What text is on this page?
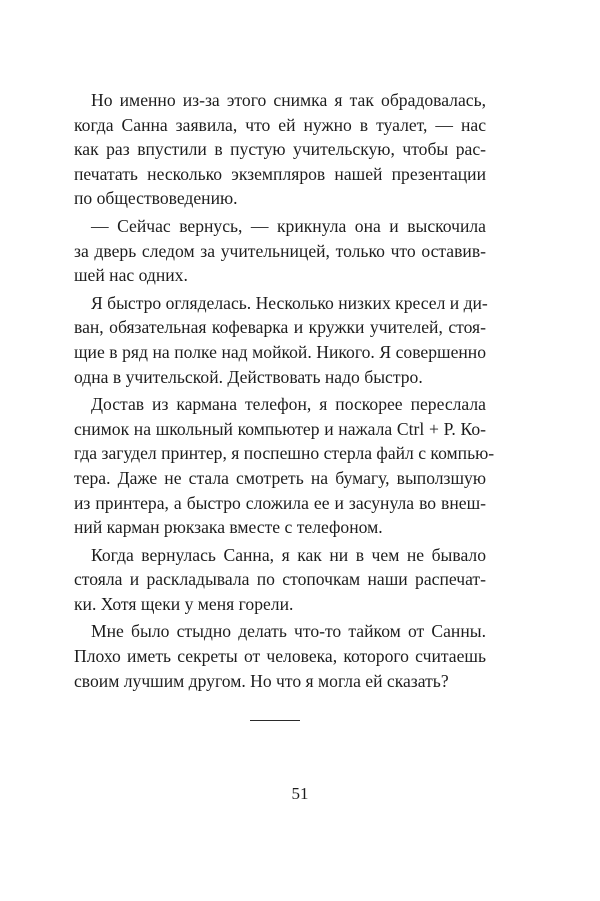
Но именно из-за этого снимка я так обрадовалась,
когда Санна заявила, что ей нужно в туалет, — нас
как раз впустили в пустую учительскую, чтобы рас-
печатать несколько экземпляров нашей презентации
по обществоведению.
— Сейчас вернусь, — крикнула она и выскочила
за дверь следом за учительницей, только что оставив-
шей нас одних.
Я быстро огляделась. Несколько низких кресел и ди-
ван, обязательная кофеварка и кружки учителей, стоя-
щие в ряд на полке над мойкой. Никого. Я совершенно
одна в учительской. Действовать надо быстро.
Достав из кармана телефон, я поскорее переслала
снимок на школьный компьютер и нажала Ctrl + P. Ко-
гда загудел принтер, я поспешно стерла файл с компью-
тера. Даже не стала смотреть на бумагу, выползшую
из принтера, а быстро сложила ее и засунула во внеш-
ний карман рюкзака вместе с телефоном.
Когда вернулась Санна, я как ни в чем не бывало
стояла и раскладывала по стопочкам наши распечат-
ки. Хотя щеки у меня горели.
Мне было стыдно делать что-то тайком от Санны.
Плохо иметь секреты от человека, которого считаешь
своим лучшим другом. Но что я могла ей сказать?
51
